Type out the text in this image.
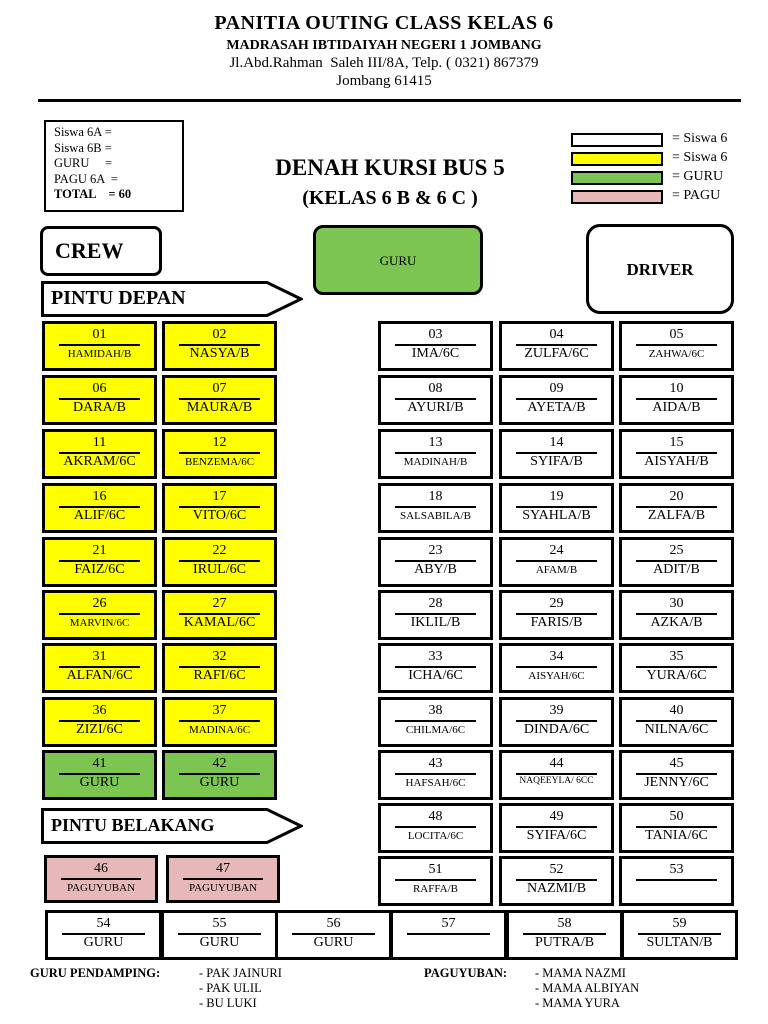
PANITIA OUTING CLASS KELAS 6
MADRASAH IBTIDAIYAH NEGERI 1 JOMBANG
Jl.Abd.Rahman  Saleh III/8A, Telp. ( 0321) 867379
Jombang 61415
Siswa 6A =
Siswa 6B =
GURU     =
PAGU 6A  =
TOTAL    = 60
DENAH KURSI BUS 5
(KELAS 6 B & 6 C )
= Siswa 6
= Siswa 6
= GURU
= PAGU
CREW	GURU	DRIVER
PINTU DEPAN
PINTU BELAKANG
01
HAMIDAH/B
02
NASYA/B
03
IMA/6C
04
ZULFA/6C
05
ZAHWA/6C
06
DARA/B
07
MAURA/B
08
AYURI/B
09
AYETA/B
10
AIDA/B
11
AKRAM/6C
12
BENZEMA/6C
13
MADINAH/B
14
SYIFA/B
15
AISYAH/B
16
ALIF/6C
17
VITO/6C
18
SALSABILA/B
19
SYAHLA/B
20
ZALFA/B
21
FAIZ/6C
22
IRUL/6C
23
ABY/B
24
AFAM/B
25
ADIT/B
26
MARVIN/6C
27
KAMAL/6C
28
IKLIL/B
29
FARIS/B
30
AZKA/B
31
ALFAN/6C
32
RAFI/6C
33
ICHA/6C
34
AISYAH/6C
35
YURA/6C
36
ZIZI/6C
37
MADINA/6C
38
CHILMA/6C
39
DINDA/6C
40
NILNA/6C
41
GURU
42
GURU
43
HAFSAH/6C
44
NAQEEYLA/ 6CC
45
JENNY/6C
46
PAGUYUBAN
47
PAGUYUBAN
48
LOCITA/6C
49
SYIFA/6C
50
TANIA/6C
51
RAFFA/B
52
NAZMI/B
53
54
GURU
55
GURU
56
GURU
57	58
PUTRA/B
59
SULTAN/B
GURU PENDAMPING:	- PAK JAINURI
- PAK ULIL
- BU LUKI
PAGUYUBAN: - MAMA NAZMI
- MAMA ALBIYAN
- MAMA YURA
